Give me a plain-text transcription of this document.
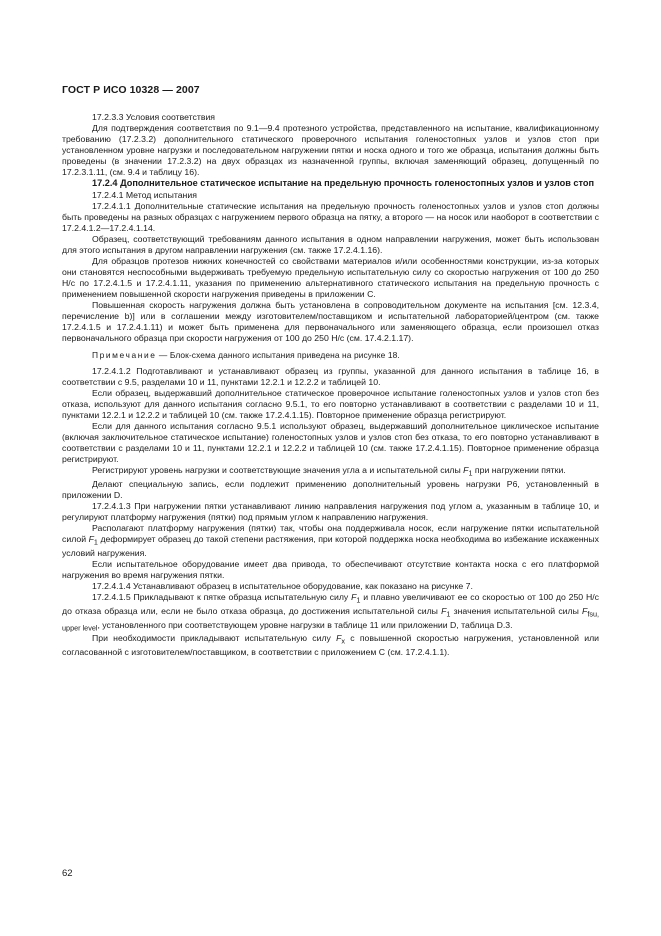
ГОСТ Р ИСО 10328 — 2007

17.2.3.3 Условия соответствия

Для подтверждения соответствия по 9.1—9.4 протезного устройства, представленного на испытание, квалификационному требованию (17.2.3.2) дополнительного статического проверочного испытания голеностопных узлов и узлов стоп при установленном уровне нагрузки и последовательном нагружении пятки и носка одного и того же образца, испытания должны быть проведены (в значении 17.2.3.2) на двух образцах из назначенной группы, включая заменяющий образец, допущенный по 17.2.3.1.11, (см. 9.4 и таблицу 16).

17.2.4 Дополнительное статическое испытание на предельную прочность голеностопных узлов и узлов стоп

17.2.4.1 Метод испытания

17.2.4.1.1 Дополнительные статические испытания на предельную прочность голеностопных узлов и узлов стоп должны быть проведены на разных образцах с нагружением первого образца на пятку, а второго — на носок или наоборот в соответствии с 17.2.4.1.2—17.2.4.1.14.

Образец, соответствующий требованиям данного испытания в одном направлении нагружения, может быть использован для этого испытания в другом направлении нагружения (см. также 17.2.4.1.16).

Для образцов протезов нижних конечностей со свойствами материалов и/или особенностями конструкции, из-за которых они становятся неспособными выдерживать требуемую предельную испытательную силу со скоростью нагружения от 100 до 250 Н/с по 17.2.4.1.5 и 17.2.4.1.11, указания по применению альтернативного статического испытания на предельную прочность с применением повышенной скорости нагружения приведены в приложении С.

Повышенная скорость нагружения должна быть установлена в сопроводительном документе на испытания [см. 12.3.4, перечисление b)] или в соглашении между изготовителем/поставщиком и испытательной лабораторией/центром (см. также 17.2.4.1.5 и 17.2.4.1.11) и может быть применена для первоначального или заменяющего образца, если произошел отказ первоначального образца при скорости нагружения от 100 до 250 Н/с (см. 17.4.2.1.17).

Примечание — Блок-схема данного испытания приведена на рисунке 18.

17.2.4.1.2 Подготавливают и устанавливают образец из группы, указанной для данного испытания в таблице 16, в соответствии с 9.5, разделами 10 и 11, пунктами 12.2.1 и 12.2.2 и таблицей 10.

Если образец, выдержавший дополнительное статическое проверочное испытание голеностопных узлов и узлов стоп без отказа, используют для данного испытания согласно 9.5.1, то его повторно устанавливают в соответствии с разделами 10 и 11, пунктами 12.2.1 и 12.2.2 и таблицей 10 (см. также 17.2.4.1.15). Повторное применение образца регистрируют.

Если для данного испытания согласно 9.5.1 используют образец, выдержавший дополнительное циклическое испытание (включая заключительное статическое испытание) голеностопных узлов и узлов стоп без отказа, то его повторно устанавливают в соответствии с разделами 10 и 11, пунктами 12.2.1 и 12.2.2 и таблицей 10 (см. также 17.2.4.1.15). Повторное применение образца регистрируют.

Регистрируют уровень нагрузки и соответствующие значения угла a и испытательной силы $F_1$ при нагружении пятки.

Делают специальную запись, если подлежит применению дополнительный уровень нагрузки Р6, установленный в приложении D.

17.2.4.1.3 При нагружении пятки устанавливают линию направления нагружения под углом a, указанным в таблице 10, и регулируют платформу нагружения (пятки) под прямым углом к направлению нагружения.

Располагают платформу нагружения (пятки) так, чтобы она поддерживала носок, если нагружение пятки испытательной силой $F_1$ деформирует образец до такой степени растяжения, при которой поддержка носка необходима во избежание искаженных условий нагружения.

Если испытательное оборудование имеет два привода, то обеспечивают отсутствие контакта носка с его платформой нагружения во время нагружения пятки.

17.2.4.1.4 Устанавливают образец в испытательное оборудование, как показано на рисунке 7.

17.2.4.1.5 Прикладывают к пятке образца испытательную силу $F_1$ и плавно увеличивают ее со скоростью от 100 до 250 Н/с до отказа образца или, если не было отказа образца, до достижения испытательной силы $F_1$ значения испытательной силы $F_{fsu, upper level}$, установленного при соответствующем уровне нагрузки в таблице 11 или приложении D, таблица D.3.

При необходимости прикладывают испытательную силу $F_x$ с повышенной скоростью нагружения, установленной или согласованной с изготовителем/поставщиком, в соответствии с приложением С (см. 17.2.4.1.1).

62
